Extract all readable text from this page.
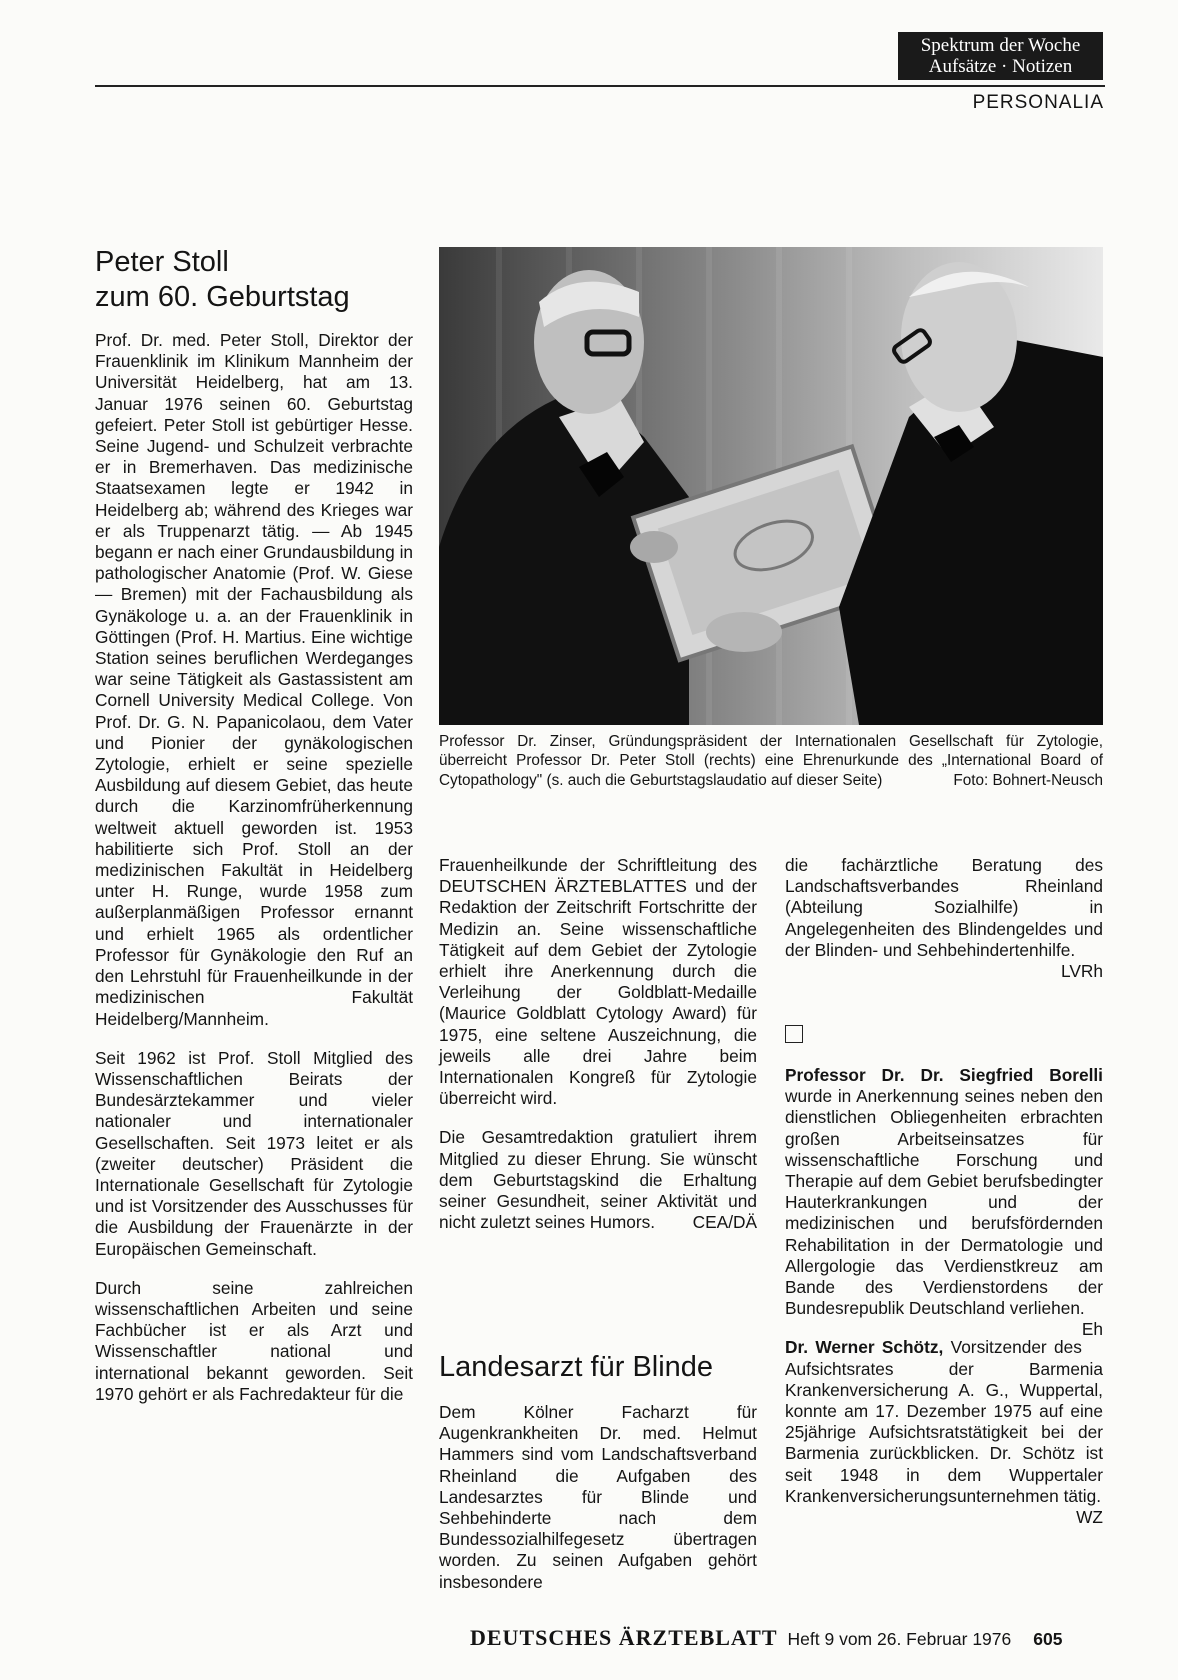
Spektrum der Woche
Aufsätze · Notizen
PERSONALIA
Peter Stoll
zum 60. Geburtstag

Prof. Dr. med. Peter Stoll, Direktor der Frauenklinik im Klinikum Mannheim der Universität Heidelberg, hat am 13. Januar 1976 seinen 60. Geburtstag gefeiert. Peter Stoll ist gebürtiger Hesse. Seine Jugend- und Schulzeit verbrachte er in Bremerhaven. Das medizinische Staatsexamen legte er 1942 in Heidelberg ab; während des Krieges war er als Truppenarzt tätig. — Ab 1945 begann er nach einer Grundausbildung in pathologischer Anatomie (Prof. W. Giese — Bremen) mit der Fachausbildung als Gynäkologe u. a. an der Frauenklinik in Göttingen (Prof. H. Martius. Eine wichtige Station seines beruflichen Werdeganges war seine Tätigkeit als Gastassistent am Cornell University Medical College. Von Prof. Dr. G. N. Papanicolaou, dem Vater und Pionier der gynäkologischen Zytologie, erhielt er seine spezielle Ausbildung auf diesem Gebiet, das heute durch die Karzinomfrüherkennung weltweit aktuell geworden ist. 1953 habilitierte sich Prof. Stoll an der medizinischen Fakultät in Heidelberg unter H. Runge, wurde 1958 zum außerplanmäßigen Professor ernannt und erhielt 1965 als ordentlicher Professor für Gynäkologie den Ruf an den Lehrstuhl für Frauenheilkunde in der medizinischen Fakultät Heidelberg/Mannheim.

Seit 1962 ist Prof. Stoll Mitglied des Wissenschaftlichen Beirats der Bundesärztekammer und vieler nationaler und internationaler Gesellschaften. Seit 1973 leitet er als (zweiter deutscher) Präsident die Internationale Gesellschaft für Zytologie und ist Vorsitzender des Ausschusses für die Ausbildung der Frauenärzte in der Europäischen Gemeinschaft.

Durch seine zahlreichen wissenschaftlichen Arbeiten und seine Fachbücher ist er als Arzt und Wissenschaftler national und international bekannt geworden. Seit 1970 gehört er als Fachredakteur für die

Professor Dr. Zinser, Gründungspräsident der Internationalen Gesellschaft für Zytologie, überreicht Professor Dr. Peter Stoll (rechts) eine Ehrenurkunde des „International Board of Cytopathology" (s. auch die Geburtstagslaudatio auf dieser Seite)	Foto: Bohnert-Neusch

Frauenheilkunde der Schriftleitung des DEUTSCHEN ÄRZTEBLATTES und der Redaktion der Zeitschrift Fortschritte der Medizin an. Seine wissenschaftliche Tätigkeit auf dem Gebiet der Zytologie erhielt ihre Anerkennung durch die Verleihung der Goldblatt-Medaille (Maurice Goldblatt Cytology Award) für 1975, eine seltene Auszeichnung, die jeweils alle drei Jahre beim Internationalen Kongreß für Zytologie überreicht wird.

Die Gesamtredaktion gratuliert ihrem Mitglied zu dieser Ehrung. Sie wünscht dem Geburtstagskind die Erhaltung seiner Gesundheit, seiner Aktivität und nicht zuletzt seines Humors. CEA/DÄ

Landesarzt für Blinde

Dem Kölner Facharzt für Augenkrankheiten Dr. med. Helmut Hammers sind vom Landschaftsverband Rheinland die Aufgaben des Landesarztes für Blinde und Sehbehinderte nach dem Bundessozialhilfegesetz übertragen worden. Zu seinen Aufgaben gehört insbesondere

die fachärztliche Beratung des Landschaftsverbandes Rheinland (Abteilung Sozialhilfe) in Angelegenheiten des Blindengeldes und der Blinden- und Sehbehindertenhilfe.
LVRh

Professor Dr. Dr. Siegfried Borelli wurde in Anerkennung seines neben den dienstlichen Obliegenheiten erbrachten großen Arbeitseinsatzes für wissenschaftliche Forschung und Therapie auf dem Gebiet berufsbedingter Hauterkrankungen und der medizinischen und berufsfördernden Rehabilitation in der Dermatologie und Allergologie das Verdienstkreuz am Bande des Verdienstordens der Bundesrepublik Deutschland verliehen.
Eh

Dr. Werner Schötz, Vorsitzender des Aufsichtsrates der Barmenia Krankenversicherung A. G., Wuppertal, konnte am 17. Dezember 1975 auf eine 25jährige Aufsichtsratstätigkeit bei der Barmenia zurückblicken. Dr. Schötz ist seit 1948 in dem Wuppertaler Krankenversicherungsunternehmen tätig.
WZ

DEUTSCHES ÄRZTEBLATT Heft 9 vom 26. Februar 1976 605
